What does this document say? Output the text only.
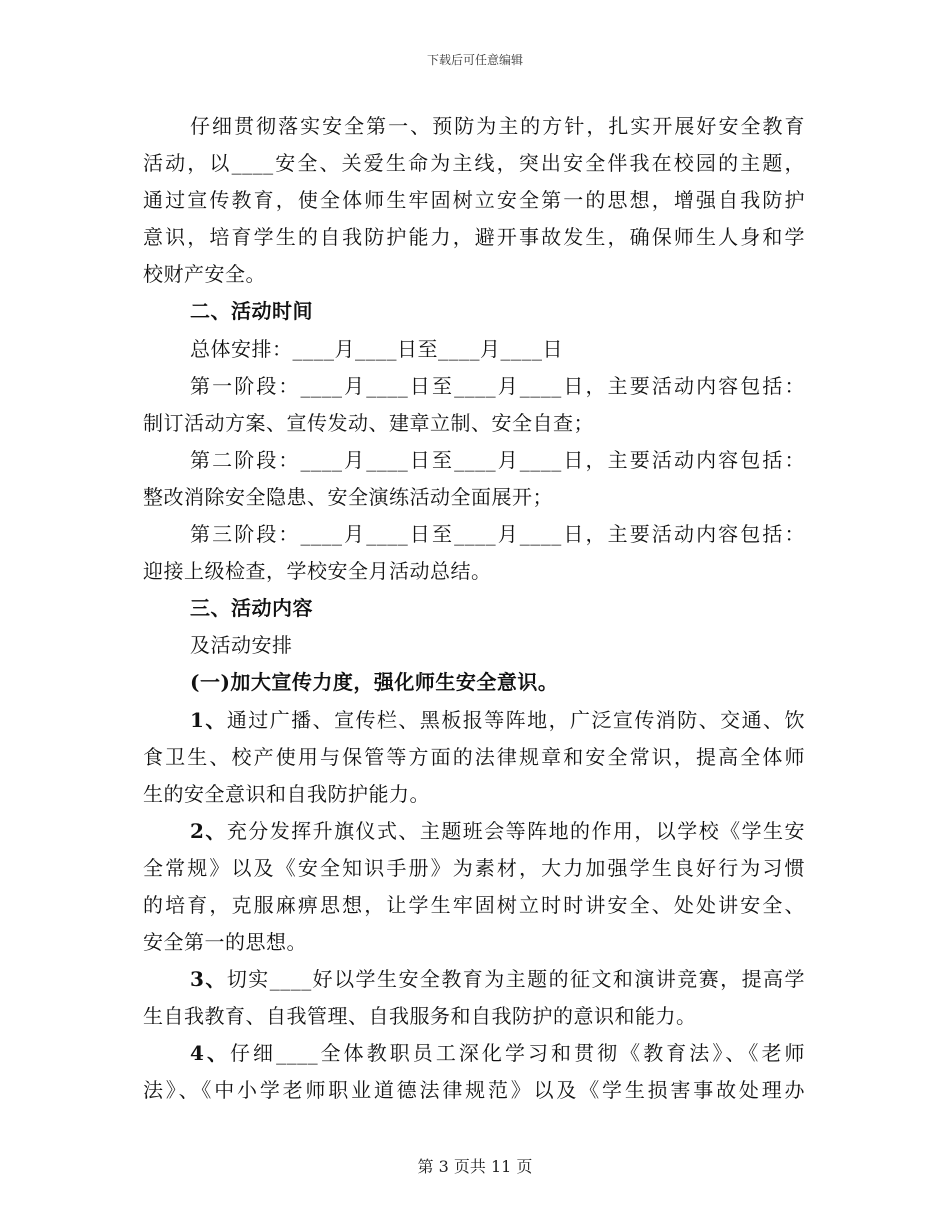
下载后可任意编辑
仔细贯彻落实安全第一、预防为主的方针，扎实开展好安全教育
活动，以____安全、关爱生命为主线，突出安全伴我在校园的主题，
通过宣传教育，使全体师生牢固树立安全第一的思想，增强自我防护
意识，培育学生的自我防护能力，避开事故发生，确保师生人身和学
校财产安全。
二、活动时间
总体安排：____月____日至____月____日
第一阶段：____月____日至____月____日，主要活动内容包括：
制订活动方案、宣传发动、建章立制、安全自查；
第二阶段：____月____日至____月____日，主要活动内容包括：
整改消除安全隐患、安全演练活动全面展开；
第三阶段：____月____日至____月____日，主要活动内容包括：
迎接上级检查，学校安全月活动总结。
三、活动内容
及活动安排
(一)加大宣传力度，强化师生安全意识。
1、通过广播、宣传栏、黑板报等阵地，广泛宣传消防、交通、饮
食卫生、校产使用与保管等方面的法律规章和安全常识，提高全体师
生的安全意识和自我防护能力。
2、充分发挥升旗仪式、主题班会等阵地的作用，以学校《学生安
全常规》以及《安全知识手册》为素材，大力加强学生良好行为习惯
的培育，克服麻痹思想，让学生牢固树立时时讲安全、处处讲安全、
安全第一的思想。
3、切实____好以学生安全教育为主题的征文和演讲竞赛，提高学
生自我教育、自我管理、自我服务和自我防护的意识和能力。
4、仔细____全体教职员工深化学习和贯彻《教育法》、《老师
法》、《中小学老师职业道德法律规范》以及《学生损害事故处理办
第 3 页共 11 页
